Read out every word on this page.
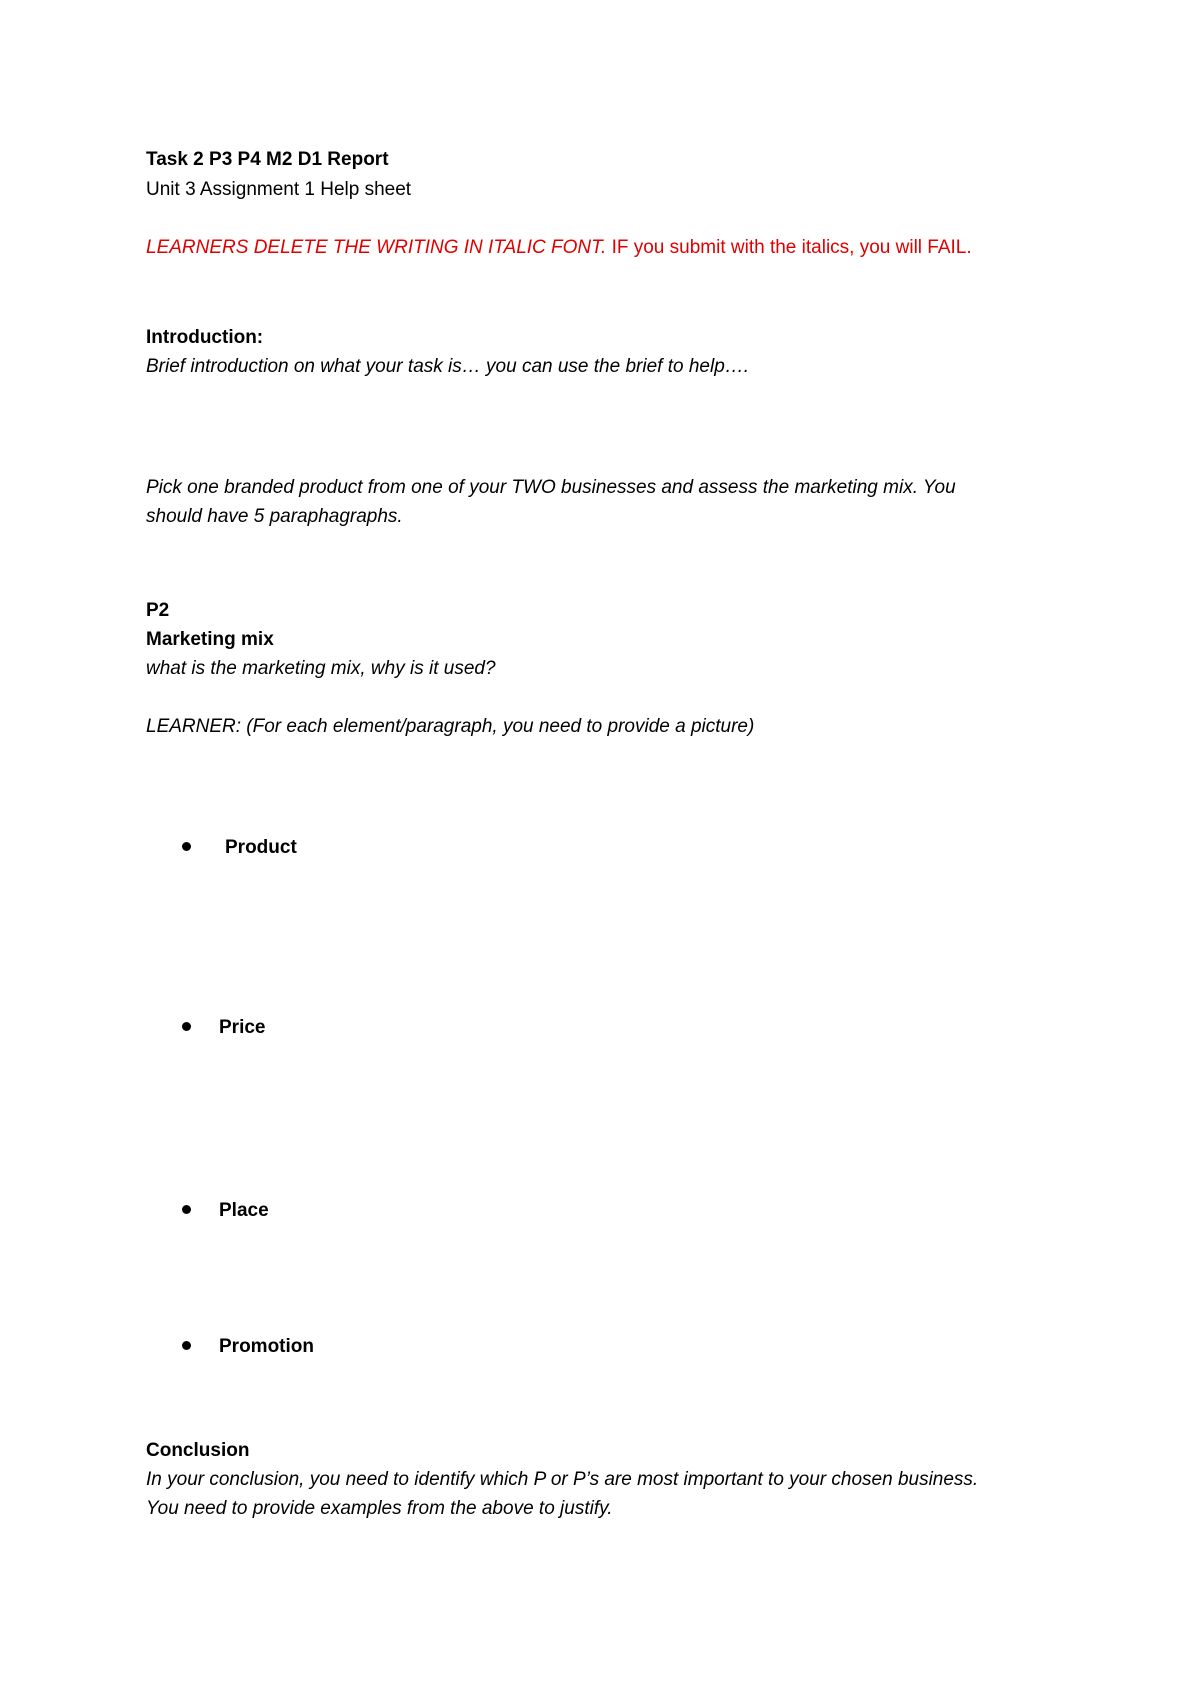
Task 2 P3 P4 M2 D1 Report
Unit 3 Assignment 1 Help sheet
LEARNERS DELETE THE WRITING IN ITALIC FONT. IF you submit with the italics, you will FAIL.
Introduction:
Brief introduction on what your task is… you can use the brief to help….
Pick one branded product from one of your TWO businesses and assess the marketing mix. You
should have 5 paraphagraphs.
P2
Marketing mix
what is the marketing mix, why is it used?
LEARNER: (For each element/paragraph, you need to provide a picture)
Product
Price
Place
Promotion
Conclusion
In your conclusion, you need to identify which P or P’s are most important to your chosen business.
You need to provide examples from the above to justify.
